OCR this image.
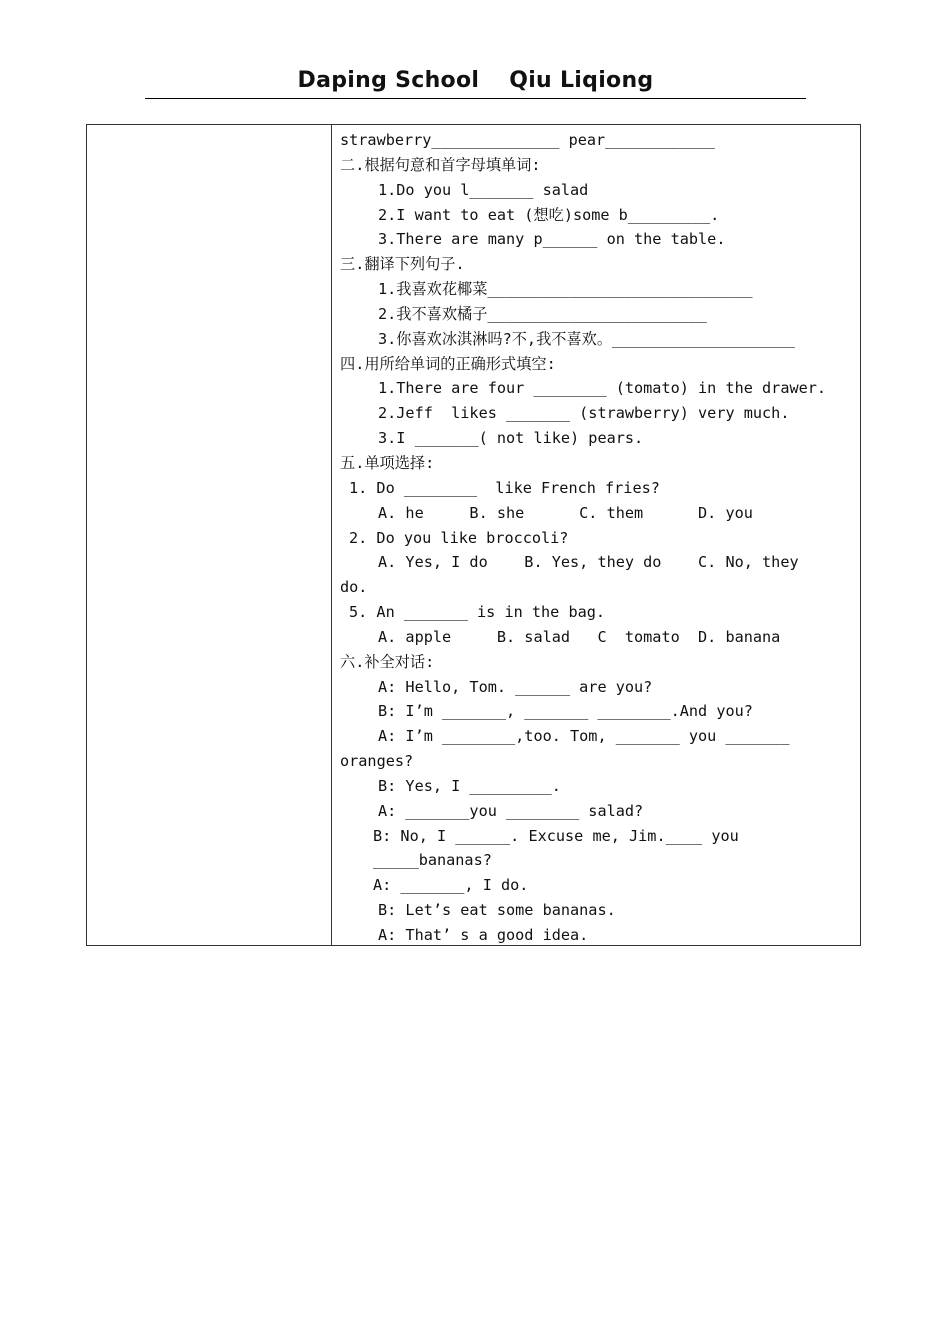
Daping School Qiu Liqiong
strawberry______________ pear____________
二.根据句意和首字母填单词:
1.Do you l_______ salad
2.I want to eat (想吃)some b_________.
3.There are many p______ on the table.
三.翻译下列句子.
1.我喜欢花椰菜_____________________________
2.我不喜欢橘子________________________
3.你喜欢冰淇淋吗?不,我不喜欢。____________________
四.用所给单词的正确形式填空:
1.There are four ________ (tomato) in the drawer.
2.Jeff  likes _______ (strawberry) very much.
3.I _______( not like) pears.
五.单项选择:
1. Do ________  like French fries?
A. he     B. she      C. them      D. you
2. Do you like broccoli?
A. Yes, I do    B. Yes, they do    C. No, they
do.
5. An _______ is in the bag.
A. apple     B. salad   C  tomato  D. banana
六.补全对话:
A: Hello, Tom. ______ are you?
B: I’m _______, _______ ________.And you?
A: I’m ________,too. Tom, _______ you _______
oranges?
B: Yes, I _________.
A: _______you ________ salad?
B: No, I ______. Excuse me, Jim.____ you
_____bananas?
A: _______, I do.
B: Let’s eat some bananas.
A: That’ s a good idea.
